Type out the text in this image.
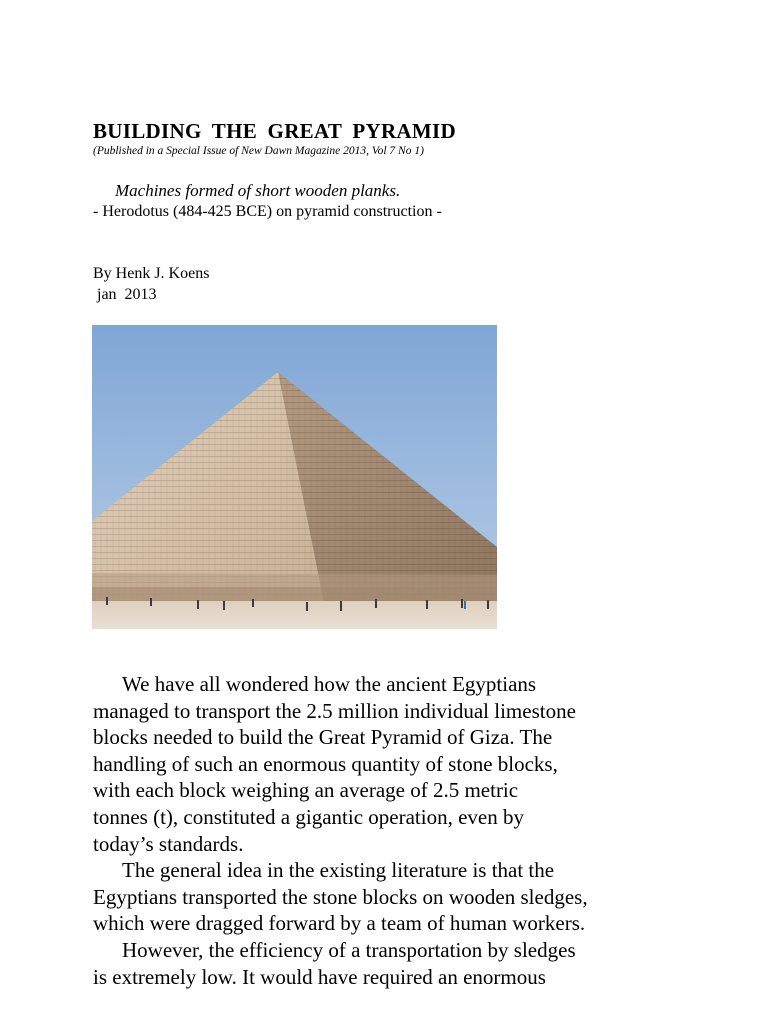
BUILDING THE GREAT PYRAMID
(Published in a Special Issue of New Dawn Magazine 2013, Vol 7 No 1)
Machines formed of short wooden planks.
- Herodotus (484-425 BCE) on pyramid construction -
By Henk J. Koens
jan  2013
We have all wondered how the ancient Egyptians
managed to transport the 2.5 million individual limestone
blocks needed to build the Great Pyramid of Giza. The
handling of such an enormous quantity of stone blocks,
with each block weighing an average of 2.5 metric
tonnes (t), constituted a gigantic operation, even by
today’s standards.
The general idea in the existing literature is that the
Egyptians transported the stone blocks on wooden sledges,
which were dragged forward by a team of human workers.
However, the efficiency of a transportation by sledges
is extremely low. It would have required an enormous
